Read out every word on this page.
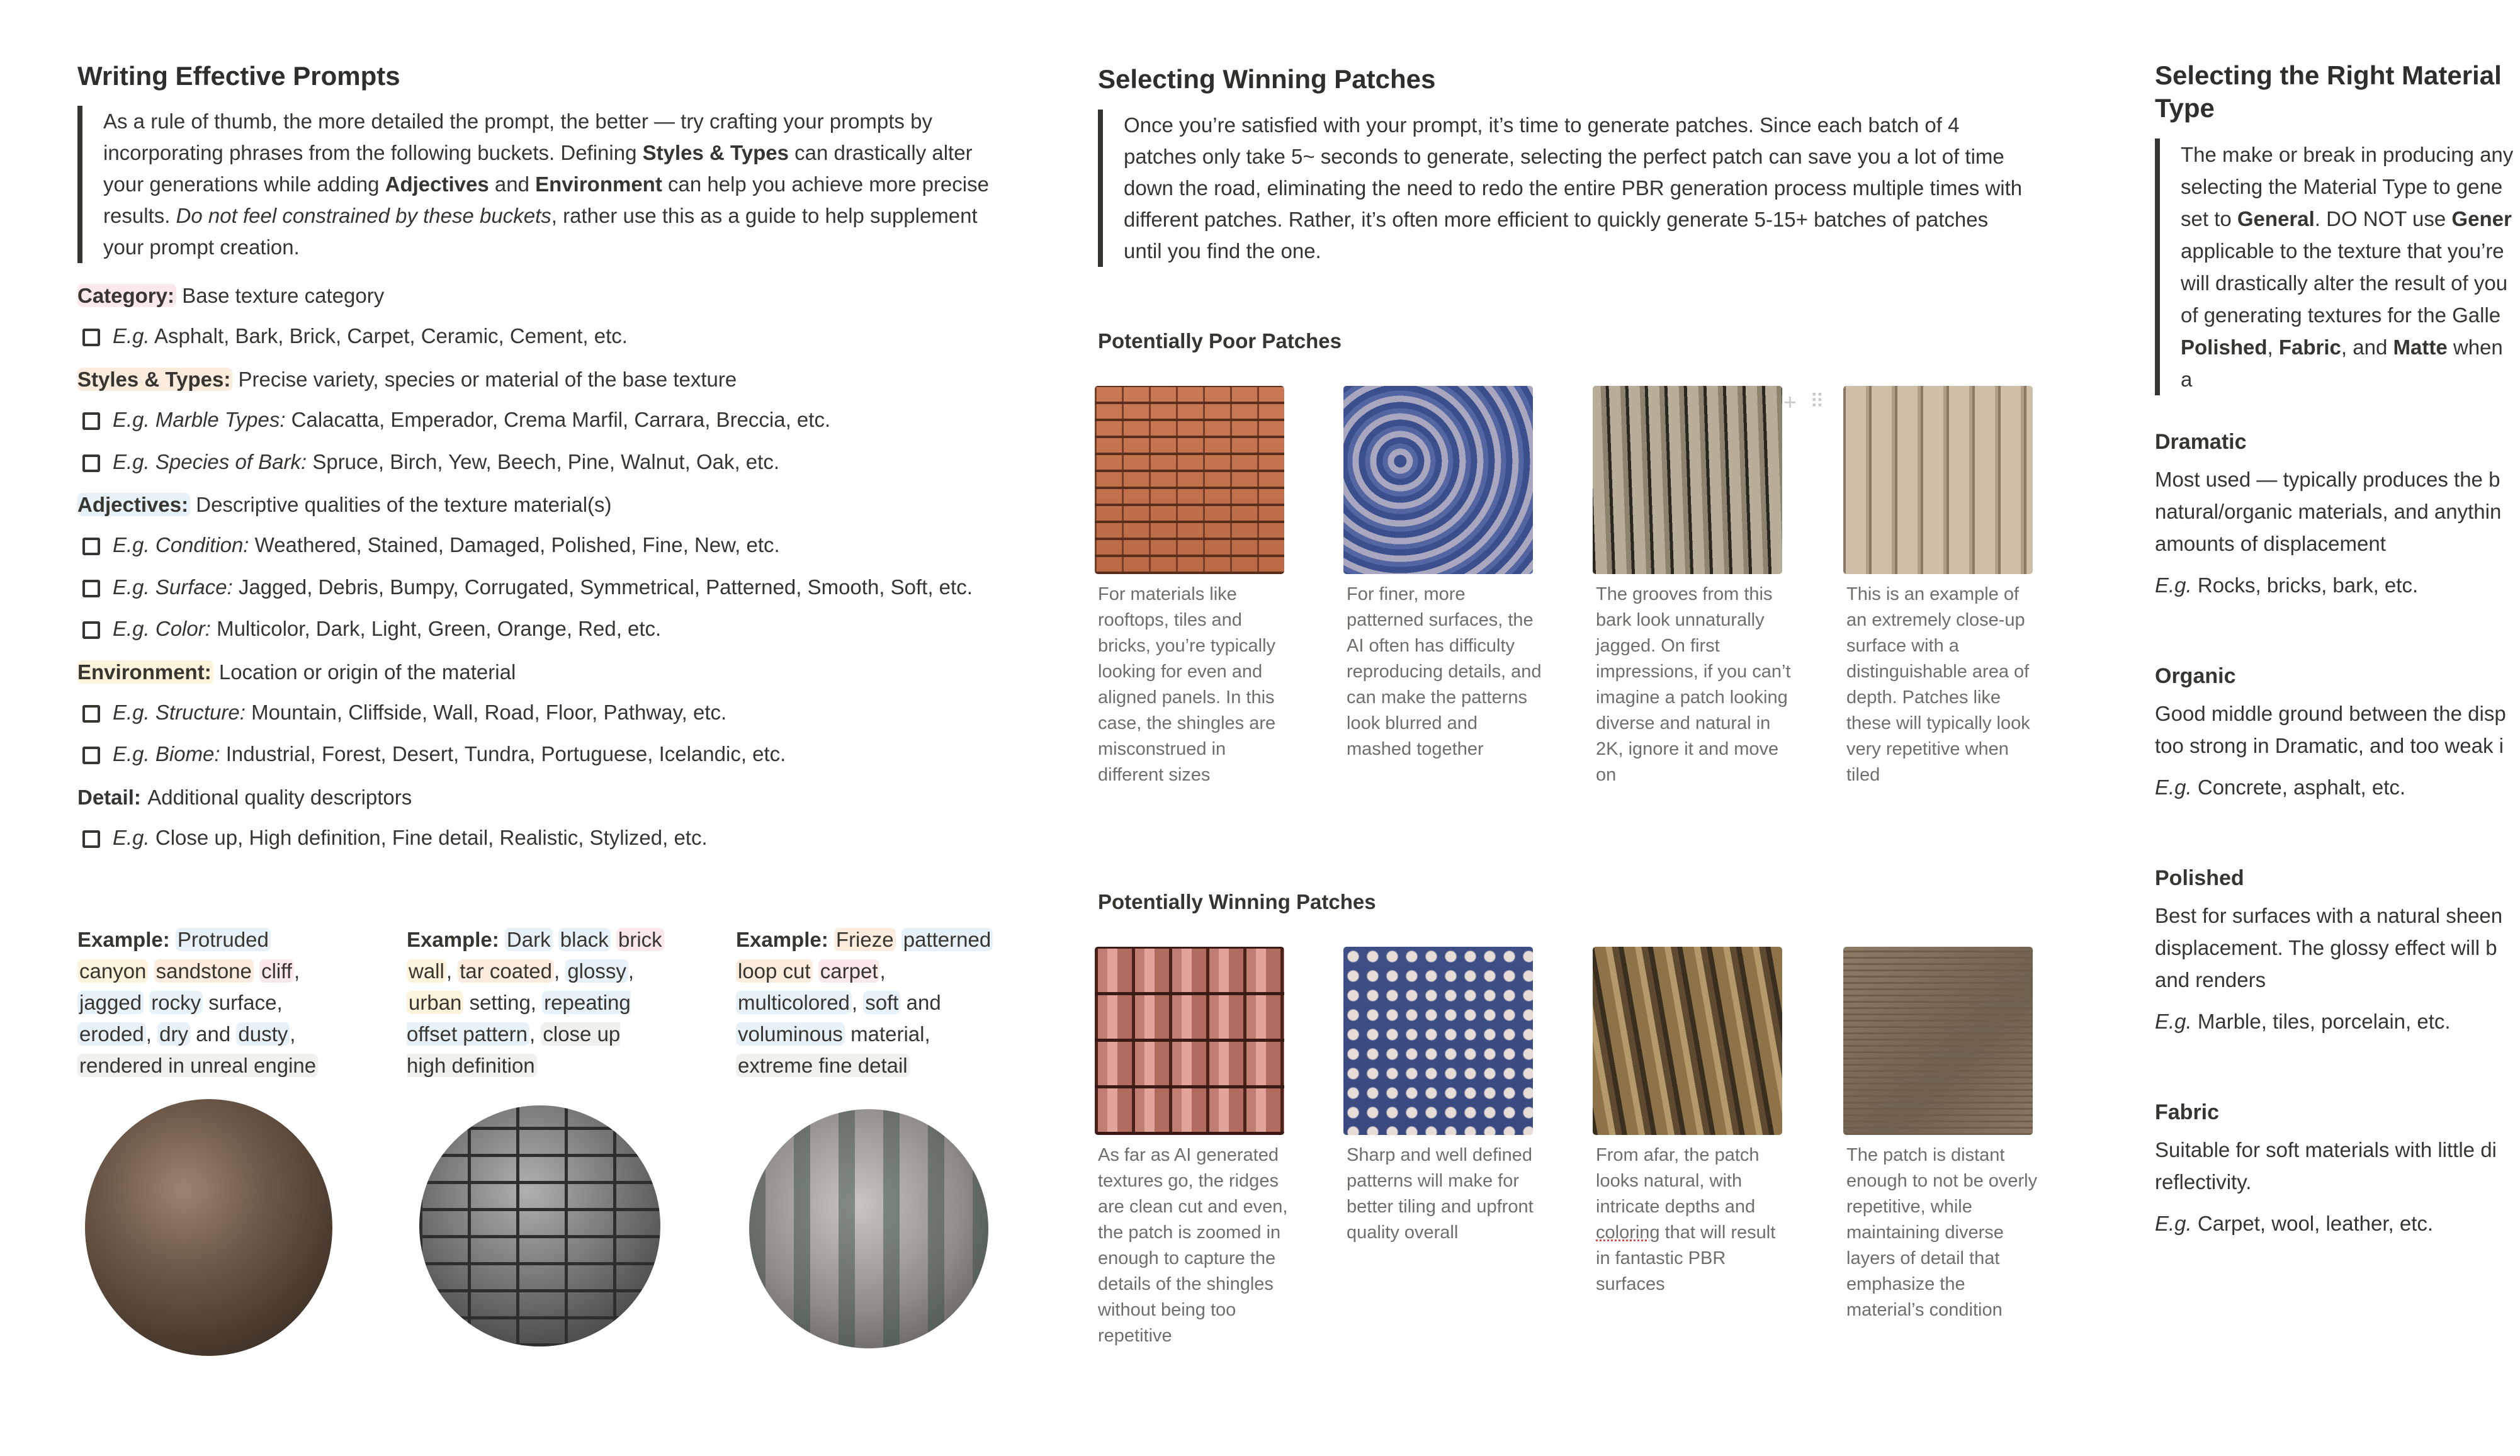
Writing Effective Prompts
As a rule of thumb, the more detailed the prompt, the better — try crafting your prompts by incorporating phrases from the following buckets. Defining Styles & Types can drastically alter your generations while adding Adjectives and Environment can help you achieve more precise results. Do not feel constrained by these buckets, rather use this as a guide to help supplement your prompt creation.
Category: Base texture category
E.g. Asphalt, Bark, Brick, Carpet, Ceramic, Cement, etc.
Styles & Types: Precise variety, species or material of the base texture
E.g. Marble Types: Calacatta, Emperador, Crema Marfil, Carrara, Breccia, etc.
E.g. Species of Bark: Spruce, Birch, Yew, Beech, Pine, Walnut, Oak, etc.
Adjectives: Descriptive qualities of the texture material(s)
E.g. Condition: Weathered, Stained, Damaged, Polished, Fine, New, etc.
E.g. Surface: Jagged, Debris, Bumpy, Corrugated, Symmetrical, Patterned, Smooth, Soft, etc.
E.g. Color: Multicolor, Dark, Light, Green, Orange, Red, etc.
Environment: Location or origin of the material
E.g. Structure: Mountain, Cliffside, Wall, Road, Floor, Pathway, etc.
E.g. Biome: Industrial, Forest, Desert, Tundra, Portuguese, Icelandic, etc.
Detail: Additional quality descriptors
E.g. Close up, High definition, Fine detail, Realistic, Stylized, etc.
Example: Protruded canyon sandstone cliff, jagged rocky surface, eroded, dry and dusty, rendered in unreal engine
Example: Dark black brick wall, tar coated, glossy, urban setting, repeating offset pattern, close up high definition
Example: Frieze patterned loop cut carpet, multicolored, soft and voluminous material, extreme fine detail
Selecting Winning Patches
Once you’re satisfied with your prompt, it’s time to generate patches. Since each batch of 4 patches only take 5~ seconds to generate, selecting the perfect patch can save you a lot of time down the road, eliminating the need to redo the entire PBR generation process multiple times with different patches. Rather, it’s often more efficient to quickly generate 5-15+ batches of patches until you find the one.
Potentially Poor Patches
+ ⠿
For materials like rooftops, tiles and bricks, you’re typically looking for even and aligned panels. In this case, the shingles are misconstrued in different sizes
For finer, more patterned surfaces, the AI often has difficulty reproducing details, and can make the patterns look blurred and mashed together
The grooves from this bark look unnaturally jagged. On first impressions, if you can’t imagine a patch looking diverse and natural in 2K, ignore it and move on
This is an example of an extremely close-up surface with a distinguishable area of depth. Patches like these will typically look very repetitive when tiled
Potentially Winning Patches
As far as AI generated textures go, the ridges are clean cut and even, the patch is zoomed in enough to capture the details of the shingles without being too repetitive
Sharp and well defined patterns will make for better tiling and upfront quality overall
From afar, the patch looks natural, with intricate depths and coloring that will result in fantastic PBR surfaces
The patch is distant enough to not be overly repetitive, while maintaining diverse layers of detail that emphasize the material’s condition
Selecting the Right Material Type
The make or break in producing any
selecting the Material Type to gene
set to General. DO NOT use Gener
applicable to the texture that you’re
will drastically alter the result of you
of generating textures for the Galle
Polished, Fabric, and Matte when a
Dramatic
Most used — typically produces the b
natural/organic materials, and anythin
amounts of displacement
E.g. Rocks, bricks, bark, etc.
Organic
Good middle ground between the disp
too strong in Dramatic, and too weak i
E.g. Concrete, asphalt, etc.
Polished
Best for surfaces with a natural sheen
displacement. The glossy effect will b
and renders
E.g. Marble, tiles, porcelain, etc.
Fabric
Suitable for soft materials with little di
reflectivity.
E.g. Carpet, wool, leather, etc.
